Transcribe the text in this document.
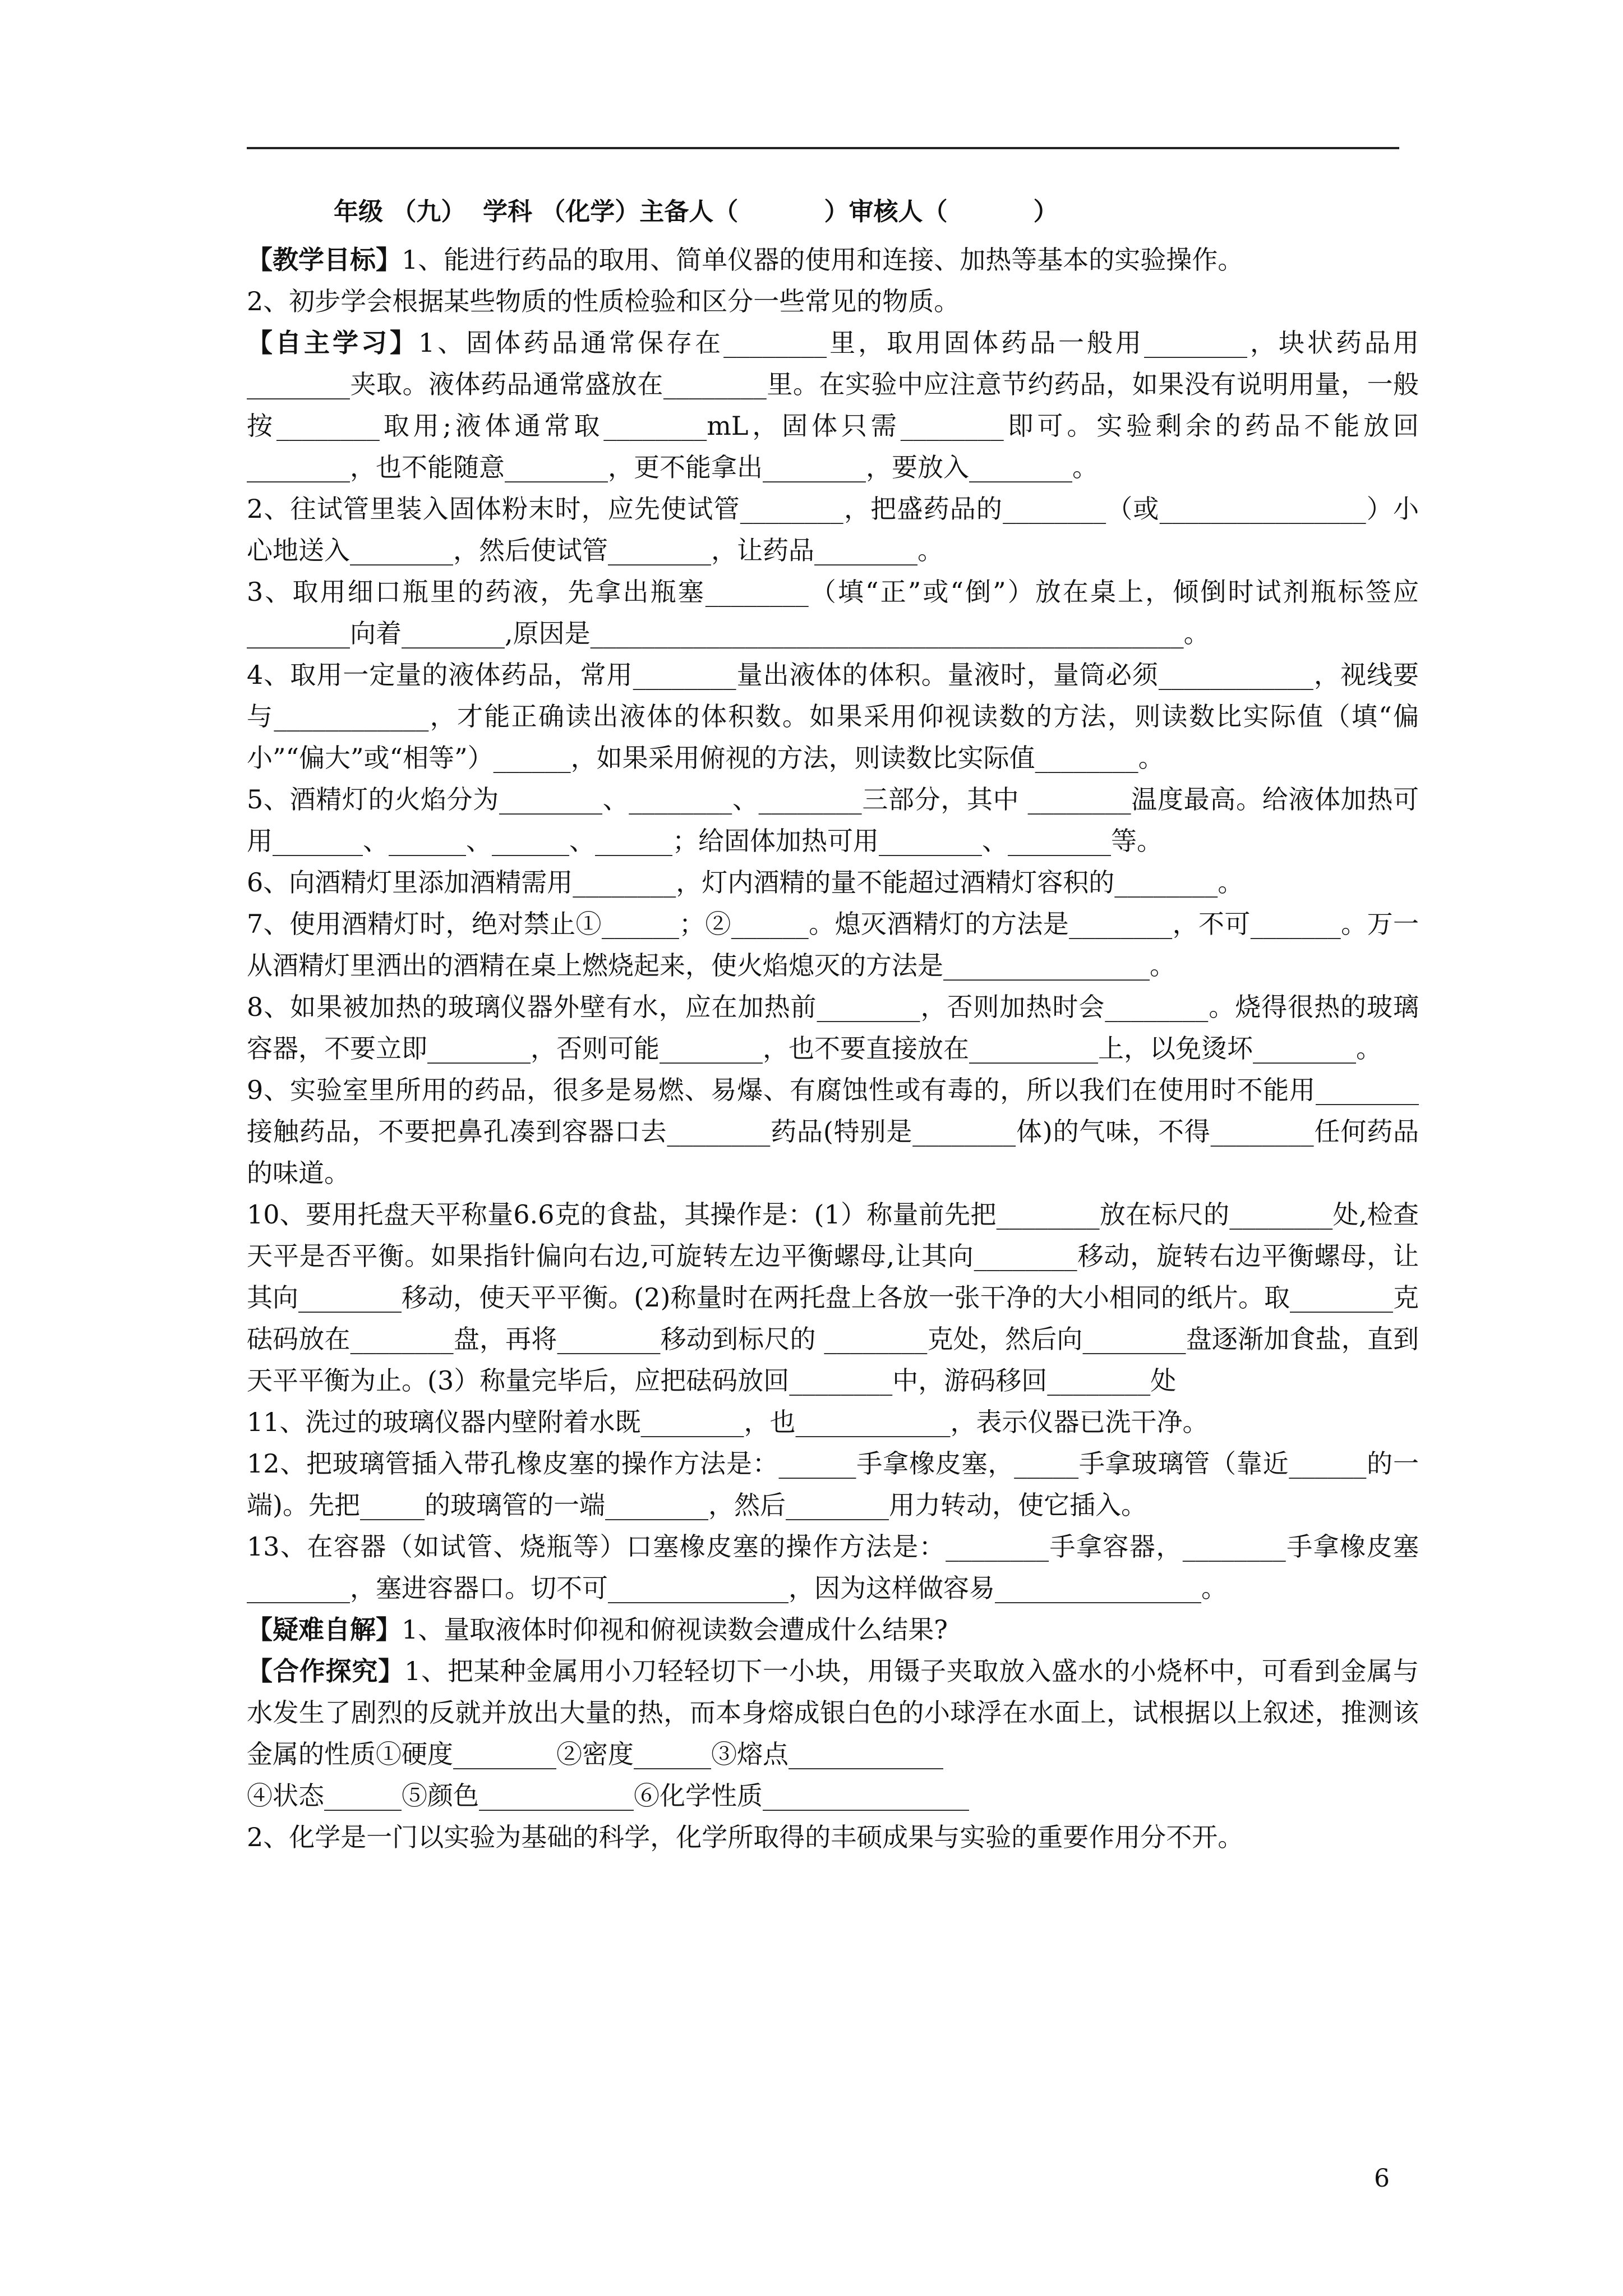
年级 （九）  学科 （化学）主备人（          ）审核人（          ）

【教学目标】1、能进行药品的取用、简单仪器的使用和连接、加热等基本的实验操作。

2、初步学会根据某些物质的性质检验和区分一些常见的物质。

【自主学习】1、固体药品通常保存在________里，取用固体药品一般用________，块状药品用________夹取。液体药品通常盛放在________里。在实验中应注意节约药品，如果没有说明用量，一般按________取用;液体通常取________mL，固体只需________即可。实验剩余的药品不能放回________，也不能随意________，更不能拿出________，要放入________。

2、往试管里装入固体粉末时，应先使试管________，把盛药品的________（或________________）小心地送入________，然后使试管________，让药品________。

3、取用细口瓶里的药液，先拿出瓶塞________（填“正”或“倒”）放在桌上，倾倒时试剂瓶标签应________向着________,原因是______________________________________________。

4、取用一定量的液体药品，常用________量出液体的体积。量液时，量筒必须____________，视线要与____________，才能正确读出液体的体积数。如果采用仰视读数的方法，则读数比实际值（填“偏小”“偏大”或“相等”）______，如果采用俯视的方法，则读数比实际值________。

5、酒精灯的火焰分为________、________、________三部分，其中 ________温度最高。给液体加热可用_______、______、______、______；给固体加热可用________、________等。

6、向酒精灯里添加酒精需用________，灯内酒精的量不能超过酒精灯容积的________。

7、使用酒精灯时，绝对禁止①______；②______。熄灭酒精灯的方法是________，不可_______。万一从酒精灯里洒出的酒精在桌上燃烧起来，使火焰熄灭的方法是________________。

8、如果被加热的玻璃仪器外壁有水，应在加热前________，否则加热时会________。烧得很热的玻璃容器，不要立即________，否则可能________，也不要直接放在__________上，以免烫坏________。

9、实验室里所用的药品，很多是易燃、易爆、有腐蚀性或有毒的，所以我们在使用时不能用________接触药品，不要把鼻孔凑到容器口去________药品(特别是________体)的气味，不得________任何药品的味道。

10、要用托盘天平称量6.6克的食盐，其操作是：(1）称量前先把________放在标尺的________处,检查天平是否平衡。如果指针偏向右边,可旋转左边平衡螺母,让其向________移动，旋转右边平衡螺母，让其向________移动，使天平平衡。(2)称量时在两托盘上各放一张干净的大小相同的纸片。取________克砝码放在________盘，再将________移动到标尺的 ________克处，然后向________盘逐渐加食盐，直到天平平衡为止。(3）称量完毕后，应把砝码放回________中，游码移回________处

11、洗过的玻璃仪器内壁附着水既________，也____________，表示仪器已洗干净。

12、把玻璃管插入带孔橡皮塞的操作方法是：______手拿橡皮塞，_____手拿玻璃管（靠近______的一端)。先把_____的玻璃管的一端________，然后________用力转动，使它插入。

13、在容器（如试管、烧瓶等）口塞橡皮塞的操作方法是：________手拿容器，________手拿橡皮塞________，塞进容器口。切不可______________，因为这样做容易________________。

【疑难自解】1、量取液体时仰视和俯视读数会遭成什么结果?

【合作探究】1、把某种金属用小刀轻轻切下一小块，用镊子夹取放入盛水的小烧杯中，可看到金属与水发生了剧烈的反就并放出大量的热，而本身熔成银白色的小球浮在水面上，试根据以上叙述，推测该金属的性质①硬度________②密度______③熔点____________

④状态______⑤颜色____________⑥化学性质________________

2、化学是一门以实验为基础的科学，化学所取得的丰硕成果与实验的重要作用分不开。

6
